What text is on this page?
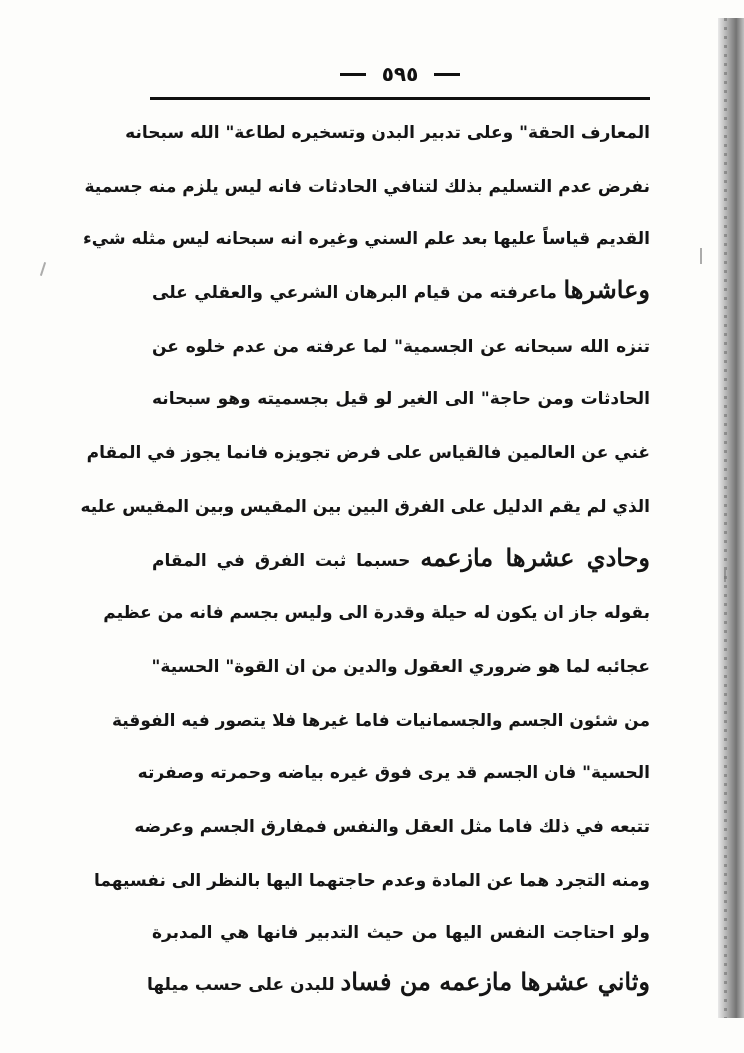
٥٩٥
المعارف الحقة" وعلى تدبير البدن وتسخيره لطاعة" الله سبحانه
نفرض عدم التسليم بذلك لتنافي الحادثات فانه ليس يلزم منه جسمية
القديم قياساً عليها بعد علم السني وغيره انه سبحانه ليس مثله شيء
وعاشرها ماعرفته من قيام البرهان الشرعي والعقلي على
تنزه الله سبحانه عن الجسمية" لما عرفته من عدم خلوه عن
الحادثات ومن حاجة" الى الغير لو قيل بجسميته وهو سبحانه
غني عن العالمين فالقياس على فرض تجويزه فانما يجوز في المقام
الذي لم يقم الدليل على الفرق البين بين المقيس وبين المقيس عليه
وحادي عشرها مازعمه حسبما ثبت الفرق في المقام
بقوله جاز ان يكون له حيلة وقدرة الى وليس بجسم فانه من عظيم
عجائبه لما هو ضروري العقول والدين من ان القوة" الحسية"
من شئون الجسم والجسمانيات فاما غيرها فلا يتصور فيه الفوقية
الحسية" فان الجسم قد يرى فوق غيره بياضه وحمرته وصفرته
تتبعه في ذلك فاما مثل العقل والنفس فمفارق الجسم وعرضه
ومنه التجرد هما عن المادة وعدم حاجتهما اليها بالنظر الى نفسيهما
ولو احتاجت النفس اليها من حيث التدبير فانها هي المدبرة
وثاني عشرها مازعمه من فساد للبدن على حسب ميلها
